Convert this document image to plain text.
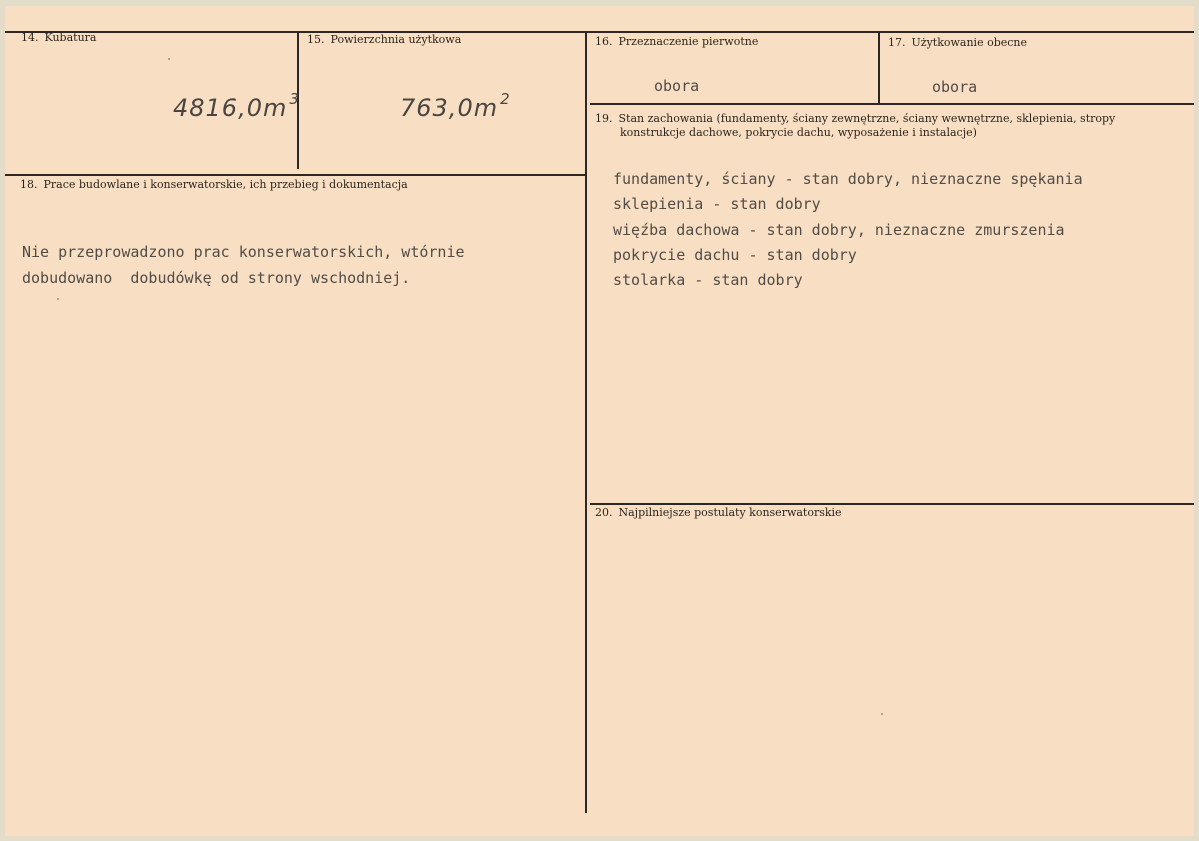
14. Kubatura
4816,0m $^3$
15. Powierzchnia użytkowa
763,0m $^2$
16. Przeznaczenie pierwotne
obora
17. Użytkowanie obecne
obora
18. Prace budowlane i konserwatorskie, ich przebieg i dokumentacja
Nie przeprowadzono prac konserwatorskich, wtórnie
dobudowano  dobudówkę od strony wschodniej.
19. Stan zachowania (fundamenty, ściany zewnętrzne, ściany wewnętrzne, sklepienia, stropy
konstrukcje dachowe, pokrycie dachu, wyposażenie i instalacje)
fundamenty, ściany - stan dobry, nieznaczne spękania
sklepienia - stan dobry
więźba dachowa - stan dobry, nieznaczne zmurszenia
pokrycie dachu - stan dobry
stolarka - stan dobry
20. Najpilniejsze postulaty konserwatorskie
